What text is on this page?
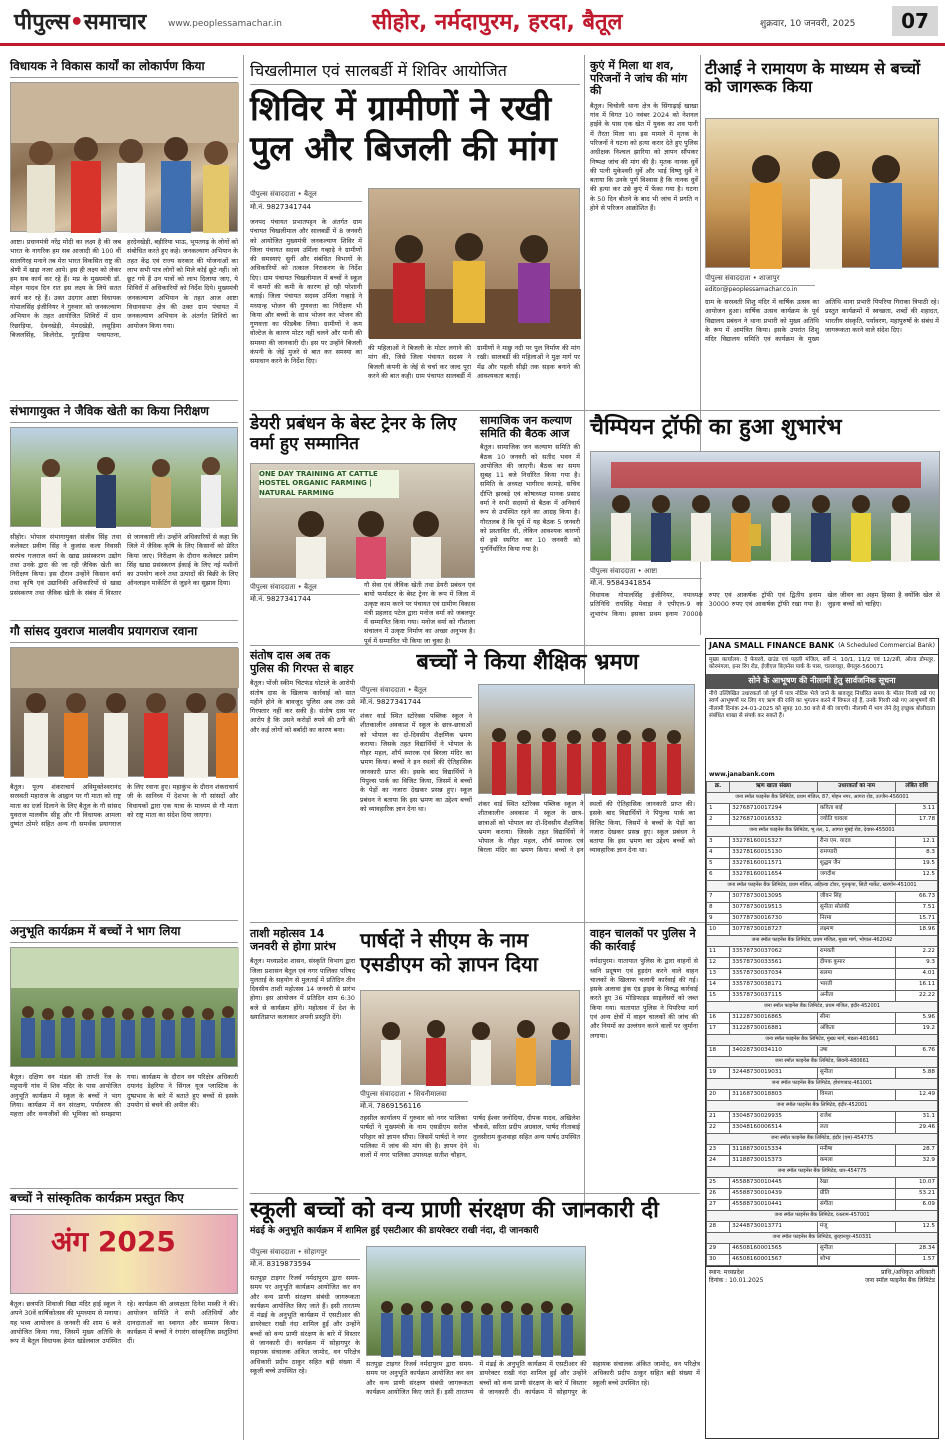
पीपुल्स•समाचार www.peoplessamachar.in	सीहोर, नर्मदापुरम, हरदा, बैतूल	शुक्रवार, 10 जनवरी, 2025	07
विधायक ने विकास कार्यों का लोकार्पण किया
आष्टा। प्रधानमंत्री नरेंद्र मोदी का लक्ष्य है की जब भारत के नागरिक हम सब आजादी की 100 वीं सालगिरह मनाने तब मेरा भारत विकसित राष्ट्र की श्रेणी में खड़ा नजर आये। इस ही लक्ष्य को लेकर हम सब कार्य कर रहे हैं। मप्र के मुख्यमंत्री डॉ. मोहन यादव दिन रात इस लक्ष्य के लिये सतत कार्य कर रहे हैं। उक्त उदगार आष्टा विधायक गोपालसिंह इंजीनियर ने गुरुवार को जनकल्याण अभियान के तहत आयोजित शिविरों में ग्राम रिछाड़िया, देवनखेड़ी, मेमदखेड़ी, लसूड़िया बिजलसिंह, किलेरोड, गुराड़िया पचायतना, हरदेनखेड़ी, बड़ीरिया भाऊ, भूपतगढ़ के लोगों को संबोधित करते हुए कहे। जनकल्याण अभियान के तहत केंद्र एवं राज्य सरकार की योजनाओं का लाभ सभी पात्र लोगों को मिले कोई छूटे नहीं। जो छूट गये हैं उन पात्रों को लाभ दिलाया जाए, ये शिविरों में अधिकारियों को निर्देश दिये। मुख्यमंत्री जनकल्याण अभियान के तहत आज आष्टा विधानसभा क्षेत्र की उक्त ग्राम पंचायत में जनकल्याण अभियान के अंतर्गत शिविरों का आयोजन किया गया।
संभागायुक्त ने जैविक खेती का किया निरीक्षण
सीहोर। भोपाल संभागायुक्त संजीव सिंह तथा कलेक्टर प्रवीण सिंह ने कुलांस कला निवासी सरपंच गजराज वर्मा के खाद्य प्रसंस्करण उद्योग तथा उनके द्वारा की जा रही जैविक खेती का निरीक्षण किया। इस दौरान उन्होंने किसान वर्मा तथा कृषि एवं उद्यानिकी अधिकारियों से खाद्य प्रसंस्करण तथा जैविक खेती के संबंध में विस्तार से जानकारी ली। उन्होंने अधिकारियों से कहा कि जिले में जैविक कृषि के लिए किसानों को प्रेरित किया जाए। निरीक्षण के दौरान कलेक्टर प्रवीण सिंह खाद्य प्रसंस्करण ईकाई के लिए नई मशीनों का उपयोग करने तथा उत्पादों की बिक्री के लिए ऑनलाइन मार्केटिंग से जुड़ने का सुझाव दिया।
गौ सांसद युवराज मालवीय प्रयागराज रवाना
बैतूल। पूज्य शंकराचार्य अविमुक्तेश्वरानंद सरस्वती महाराज के आह्वान पर गौ माता को राष्ट्र माता का दर्जा दिलाने के लिए बैतूल के गौ सांसद युवराज मालवीय सीहू और गौ विधायक आमला दुष्यंत ठोमरे सहित अन्य गौ समर्थक प्रयागराज के लिए रवाना हुए। महाकुंभ के दौरान शंकराचार्य जी के सानिध्य में देशभर के गौ सांसदों और विधायकों द्वारा एक यात्रा के माध्यम से गौ माता को राष्ट्र माता का संदेश दिया जाएगा।
अनुभूति कार्यक्रम में बच्चों ने भाग लिया
बैतूल। दक्षिण वन मंडल की ताप्ती रेंज के महुपानी गांव में शिव मंदिर के पास आयोजित अनुभूति कार्यक्रम में स्कूल के बच्चों ने भाग लिया। कार्यक्रम में वन संरक्षण, पर्यावरण की महत्ता और वन्यजीवों की भूमिका को समझाया गया। कार्यक्रम के दौरान वन परिक्षेत्र अधिकारी दयानंद डेहरिया ने सिंगल यूज प्लास्टिक के दुष्प्रभाव के बारे में बताते हुए बच्चों से इसके उपयोग से बचने की अपील की।
बच्चों ने सांस्कृतिक कार्यक्रम प्रस्तुत किए
अंग 2025
बैतूल। छत्रपति शिवाजी विद्या मंदिर हाई स्कूल ने अपने 30वें वार्षिकोत्सव की भूमध्याम से मनाया। यह भव्य आयोजन 8 जनवरी की शाम 6 बजे आयोजित किया गया, जिसमें मुख्य अतिथि के रूप में बैतूल विधायक हेमंत खंडेलवाल उपस्थित रहे। कार्यक्रम की अध्यक्षता दिनेश मस्की ने की। आयोजन समिति ने सभी अतिथियों और दानदाताओं का स्वागत और सम्मान किया। कार्यक्रम में बच्चों ने रंगारंग सांस्कृतिक प्रस्तुतियां दीं।
चिखलीमाल एवं सालबर्डी में शिविर आयोजित
शिविर में ग्रामीणों ने रखी पुल और बिजली की मांग
पीपुल्स संवाददाता • बैतूल
मो.नं. 9827341744
जनपद पंचायत प्रभातपट्टन के अंतर्गत ग्राम पंचायत चिखलीमाल और सालबर्डी में 8 जनवरी को आयोजित मुख्यमंत्री जनकल्याण शिविर में जिला पंचायत सदस्य उर्मिला गव्हाड़े ने ग्रामीणों की समस्याएं सुनीं और संबंधित विभागों के अधिकारियों को तत्काल निराकरण के निर्देश दिए। ग्राम पंचायत चिखलीमाल में बच्चों ने स्कूल में कमरों की कमी के कारण हो रही परेशानी बताई। जिला पंचायत सदस्य उर्मिला गव्हाड़े ने मध्यान्ह भोजन की गुणवत्ता का निरीक्षण भी किया और बच्चों के साथ भोजन कर भोजन की गुणवत्ता का फीडबैक लिया। ग्रामीणों ने कम वोल्टेज के कारण मोटर नहीं चलने और पानी की समस्या की जानकारी दी। इस पर उन्होंने बिजली कंपनी के जेई मुजरे से बात कर समस्या का समाधान करने के निर्देश दिए।
की महिलाओं ने बिजली के मोटर लगाने की मांग की, जिसे जिला पंचायत सदस्य ने बिजली कंपनी के जेई से चर्चा कर जल्द पूरा करने की बात कही। ग्राम पंचायत सालबर्डी में ग्रामीणों ने माछु नदी पर पुल निर्माण की मांग रखी। सालबर्डी की महिलाओं ने मुक्ष मार्ग पर मेंढ और पहली सीढ़ी तक सड़क बनाने की आवश्यकता बताई।
कुएं में मिला था शव, परिजनों ने जांच की मांग की
बैतूल। चिचोली थाना क्षेत्र के सिंगाढ़ाई खाखा गांव में विगत 10 नवंबर 2024 को नेशनल हाईवे के पास एक खेत में युवक का शव पानी में तैरता मिला था। इस मामले में मृतक के परिजनों ने घटना को हत्या करार देते हुए पुलिस अधीक्षक निश्चल झारिया को ज्ञापन सौंपकर निष्पक्ष जांच की मांग की है। मृतक नानक धुर्वे की पत्नी मुकेश्वरी धुर्वे और भाई विष्णु धुर्वे ने बताया कि उनके पूर्ण विश्वास है कि नानक धुर्वे की हत्या कर उसे कुएं में फेंका गया है। घटना के 50 दिन बीतने के बाद भी जांच में प्रगति न होने से परिजन आक्रोशित हैं।
टीआई ने रामायण के माध्यम से बच्चों को जागरूक किया
पीपुल्स संवाददाता • शाजापुर
editor@peoplessamachar.co.in
ग्राम के सरस्वती शिशु मंदिर में वार्षिक उत्सव का आयोजन हुआ। वार्षिक उत्सव कार्यक्रम के पूर्व विद्यालय प्रबंधन ने थाना प्रभारी को मुख्य अतिथि के रूप में आमंत्रित किया। इसके उपरांत शिशु मंदिर विद्यालय समिति एवं कार्यक्रम के मुख्य अतिथि थाना प्रभारी पिपरिया गिराका त्रिपाठी रहे। प्रस्तुत कार्यक्रमों में स्वच्छता, शब्दों की शहादत, भारतीय संस्कृति, पर्यावरण, महापुरुषों के संबंध में जागरूकता करने वाले संदेश दिए।
डेयरी प्रबंधन के बेस्ट ट्रेनर के लिए वर्मा हुए सम्मानित
ONE DAY TRAINING AT CATTLE HOSTEL ORGANIC FARMING | NATURAL FARMING
पीपुल्स संवाददाता • बैतूल
मो.नं. 9827341744
गौ सेवा एवं जैविक खेती तथा डेयरी प्रबंधन एवं बायो फर्मास्टर के बेस्ट ट्रेनर के रूप में जिला में उत्कृष्ट काम करने पर पंचायत एवं ग्रामीण विकास मंत्री प्रहलाद पटेल द्वारा मनोज वर्मा को जबलपुर में सम्मानित किया गया। मनोज वर्मा को गौशाला संचालन में उत्कृष्ट निर्माण का अच्छा अनुभव है। पूर्व में सम्मानित भी किया जा चुका है।
सामाजिक जन कल्याण समिति की बैठक आज
बैतूल। सामाजिक जन कल्याण समिति की बैठक 10 जनवरी को सतीद भवन में आयोजित की जाएगी। बैठक का समय सुबह 11 बजे निर्धारित किया गया है। समिति के अध्यक्ष भागीरथ कामड़े, सचिव दीप्ति झरबड़े एवं कोषाध्यक्ष मानक प्रसाद वर्मा ने सभी सदस्यों से बैठक में अनिवार्य रूप से उपस्थित रहने का आग्रह किया है। गौरतलब है कि पूर्व में यह बैठक 5 जनवरी को प्रस्तावित थी, लेकिन आवश्यक कारणों से इसे स्थगित कर 10 जनवरी को पुनर्निर्धारित किया गया है।
चैम्पियन ट्रॉफी का हुआ शुभारंभ
पीपुल्स संवाददाता • आष्टा
मो.नं. 9584341854
विधायक गोपालसिंह इंजीनियर, नपाध्यक्ष प्रतिनिधि रायसिंह मेवाड़ा ने एपीएल-9 का शुभारंभ किया। इसका प्रथम इनाम 70000 रुपए एवं आकर्षक ट्रॉफी एवं द्वितीय इनाम 30000 रुपए एवं आकर्षक ट्रॉफी रखा गया है। खेल जीवन का अहम हिस्सा है क्योंकि खेल से जुड़ना बच्चों को चाहिए।
संतोष दास अब तक पुलिस की गिरफ्त से बाहर
बैतूल। पोंजी स्कीम चिटफंड घोटाले के आरोपी संतोष दास के खिलाफ कार्रवाई को सात महीने होने के बावजूद पुलिस अब तक उसे गिरफ्तार नहीं कर सकी है। संतोष दास पर आरोप है कि उसने करोड़ों रुपये की ठगी की और कई लोगों को बर्बादी का कारण बना।
बच्चों ने किया शैक्षिक भ्रमण
पीपुल्स संवाददाता • बैतूल
मो.नं. 9827341744
शंकर वार्ड स्थित स्टोरेक्स पब्लिक स्कूल ने शीतकालीन अवकाश में स्कूल के छात्र-छात्राओं को भोपाल का दो-दिवसीय शैक्षणिक भ्रमण कराया। जिसके तहत विद्यार्थियों ने भोपाल के गौहर महल, शौर्य स्मारक एवं बिरला मंदिर का भ्रमण किया। बच्चों ने इन स्थलों की ऐतिहासिक जानकारी प्राप्त की। इसके बाद विद्यार्थियों ने पिपुल्स पार्क का विजिट किया, जिसमें वे बच्चों के पेड़ों का नजारा देखकर प्रसन्न हुए। स्कूल प्रबंधन ने बताया कि इस भ्रमण का उद्देश्य बच्चों को व्यावहारिक ज्ञान देना था।
शंकर वार्ड स्थित स्टोरेक्स पब्लिक स्कूल ने शीतकालीन अवकाश में स्कूल के छात्र-छात्राओं को भोपाल का दो-दिवसीय शैक्षणिक भ्रमण कराया। जिसके तहत विद्यार्थियों ने भोपाल के गौहर महल, शौर्य स्मारक एवं बिरला मंदिर का भ्रमण किया। बच्चों ने इन स्थलों की ऐतिहासिक जानकारी प्राप्त की। इसके बाद विद्यार्थियों ने पिपुल्स पार्क का विजिट किया, जिसमें वे बच्चों के पेड़ों का नजारा देखकर प्रसन्न हुए। स्कूल प्रबंधन ने बताया कि इस भ्रमण का उद्देश्य बच्चों को व्यावहारिक ज्ञान देना था।
ताशी महोत्सव 14 जनवरी से होगा प्रारंभ
बैतूल। मध्यप्रदेश शासन, संस्कृति विभाग द्वारा जिला प्रशासन बैतूल एवं नगर पालिका परिषद मुलताई के सहयोग से मुलताई में प्रतिदिन तीन दिवसीय ताशी महोत्सव 14 जनवरी से प्रारंभ होगा। इस आयोजन में प्रतिदिन शाम 6:30 बजे से कार्यक्रम होंगे। महोत्सव में देश के ख्यातिप्राप्त कलाकार अपनी प्रस्तुति देंगे।
पार्षदों ने सीएम के नाम एसडीएम को ज्ञापन दिया
पीपुल्स संवाददाता • सिवनीमालवा
मो.नं. 7869156116
तहसील कार्यालय में गुरुवार को नगर पालिका पार्षदों ने मुख्यमंत्री के नाम एसडीएम सरोज परिहार को ज्ञापन सौंपा। जिसमें पार्षदों ने नगर पालिका में जांच की मांग की है। ज्ञापन देने वालों में नगर पालिका उपाध्यक्ष सतीश चौहान, पार्षद ईश्वर जनोदिया, दीपक यादव, अखिलेश चौकसे, सरिता प्रदीप अग्रवाल, पार्षद गीताबाई तुलसीराम कुशवाहा सहित अन्य पार्षद उपस्थित थे।
वाहन चालकों पर पुलिस ने की कार्रवाई
नर्मदापुरम। यातायात पुलिस के द्वारा वाहनों से ध्वनि प्रदूषण एवं हुड़दंग करने वाले वाहन चालकों के खिलाफ चलानी कार्रवाई की गई। इसके अलावा ड्रंक एंड ड्राइव के विरुद्ध कार्रवाई करते हुए 36 मोडिफाइड साइलेंसरों को जब्त किया गया। यातायात पुलिस ने पिपरिया मार्ग एवं अन्य क्षेत्रों में वाहन चालकों की जांच की और नियमों का उल्लंघन करने वालों पर जुर्माना लगाया।
स्कूली बच्चों को वन्य प्राणी संरक्षण की जानकारी दी
मंढई के अनुभूति कार्यक्रम में शामिल हुई एसटीआर की डायरेक्टर राखी नंदा, दी जानकारी
पीपुल्स संवाददाता • सोहागपुर
मो.नं. 8319873594
सतपुड़ा टाइगर रिजर्व नर्मदापुरम द्वारा समय-समय पर अनुभूति कार्यक्रम आयोजित कर वन और वन्य प्राणी संरक्षण संबंधी जागरूकता कार्यक्रम आयोजित किए जाते हैं। इसी तारतम्य में मंढई के अनुभूति कार्यक्रम में एसटीआर की डायरेक्टर राखी नंदा शामिल हुईं और उन्होंने बच्चों को वन्य प्राणी संरक्षण के बारे में विस्तार से जानकारी दी। कार्यक्रम में सोहागपुर के सहायक संचालक अंकित जामोद, वन परिक्षेत्र अधिकारी प्रदीप ठाकुर सहित बड़ी संख्या में स्कूली बच्चे उपस्थित रहे।
सतपुड़ा टाइगर रिजर्व नर्मदापुरम द्वारा समय-समय पर अनुभूति कार्यक्रम आयोजित कर वन और वन्य प्राणी संरक्षण संबंधी जागरूकता कार्यक्रम आयोजित किए जाते हैं। इसी तारतम्य में मंढई के अनुभूति कार्यक्रम में एसटीआर की डायरेक्टर राखी नंदा शामिल हुईं और उन्होंने बच्चों को वन्य प्राणी संरक्षण के बारे में विस्तार से जानकारी दी। कार्यक्रम में सोहागपुर के सहायक संचालक अंकित जामोद, वन परिक्षेत्र अधिकारी प्रदीप ठाकुर सहित बड़ी संख्या में स्कूली बच्चे उपस्थित रहे।
JANA SMALL FINANCE BANK (A Scheduled Commercial Bank)
मुख्य कार्यालय: दे फेयरवे, ग्राउंड एवं पहली मंजिल, सर्वे नं. 10/1, 11/2 एवं 12/2बी, ओल्ड डोमलूर, कोरमंगला, इनर रिंग रोड, ईजीएल बिज़नेस पार्क के पास, चल्लाघट्टा, बेंगलुरु-560071
सोने के आभूषण की नीलामी हेतु सार्वजनिक सूचना
नीचे उल्लिखित उधारकर्ता जो पूर्व में पात्र नोटिस भेजे जाने के बावजूद निर्धारित समय के भीतर गिरवी रखे गए स्वर्ण आभूषणों पर लिए गए ऋण की राशि का भुगतान करने में विफल रहे हैं, उनके गिरवी रखे गए आभूषणों की नीलामी दिनांक 24-01-2025 को सुबह 10.30 बजे से की जाएगी। नीलामी में भाग लेने हेतु इच्छुक बोलीदाता संबंधित शाखा से संपर्क कर सकते हैं।
www.janabank.com
क्र.	ऋण खाता संख्या	उधारकर्ता का नाम	लंबित राशि
जना स्मॉल फाइनेंस बैंक लिमिटेड, प्रथम मंजिल, 87, मोहन नगर, आगरा रोड, उज्जैन-456001			
1	32768710017294	कविता बाई	3.11
2	32768710016532	ज्योति चावला	17.78
जना स्मॉल फाइनेंस बैंक लिमिटेड, भू तल, 1, आगरा मुंबई रोड, देवास-455001			
3	33278160015327	रीना एम. यादव	12.1
4	33278160015130	रामप्यारी	8.3
5	33278160011571	शुद्धम जैन	19.5
6	33278160011654	जगदीश	12.5
जना स्मॉल फाइनेंस बैंक लिमिटेड, प्रथम मंजिल, अहिल्या टॉवर, गुरुकृपा, सिटी मार्केट, खरगोन-451001			
7	30778730013095	जीवन सिंह	66.73
8	30778730019513	सुनीता सोलंकी	7.51
9	30778730016730	निरमा	15.71
10	30778730018727	लक्ष्मण	18.96
जना स्मॉल फाइनेंस बैंक लिमिटेड, प्रथम मंजिल, मुख्य मार्ग, भोपाल-462042			
11	33578730037062	रामवती	2.22
12	33578730033561	दीपक कुमार	9.3
13	33578730037034	सलमा	4.01
14	33578730038171	भारती	16.11
15	33578730037115	अनीता	22.22
जना स्मॉल फाइनेंस बैंक लिमिटेड, प्रथम मंजिल, इंदौर-452001			
16	31228730016865	सीमा	5.96
17	31228730016881	अंकिता	19.2
जना स्मॉल फाइनेंस बैंक लिमिटेड, मुख्य मार्ग, मंडला-481661			
18	34028730034110	उषा	6.76
जना स्मॉल फाइनेंस बैंक लिमिटेड, सिवनी-480661			
19	32448730019031	सुनीता	5.88
जना स्मॉल फाइनेंस बैंक लिमिटेड, होशंगाबाद-461001			
20	31168730018803	विमला	12.49
जना स्मॉल फाइनेंस बैंक लिमिटेड, इंदौर-452001			
21	33048730029935	राजेश	31.1
22	33048160006514	लता	29.46
जना स्मॉल फाइनेंस बैंक लिमिटेड, इंदौर (एम)-454775			
23	31188730015334	मनीषा	28.7
24	31188730015373	कमला	32.9
जना स्मॉल फाइनेंस बैंक लिमिटेड, धार-454775			
25	45588730010445	रेखा	10.07
26	45588730010439	प्रीति	53.21
27	45588730010441	संगीता	6.09
जना स्मॉल फाइनेंस बैंक लिमिटेड, रतलाम-457001			
28	32448730013771	मंजू	12.5
जना स्मॉल फाइनेंस बैंक लिमिटेड, बुरहानपुर-450331			
29	46508160001565	सुनीता	28.34
30	46508160001567	शोभा	1.57
स्थान: मध्यप्रदेश
दिनांक : 10.01.2025
प्राधि./अधिकृत अधिकारी
जना स्मॉल फाइनेंस बैंक लिमिटेड
